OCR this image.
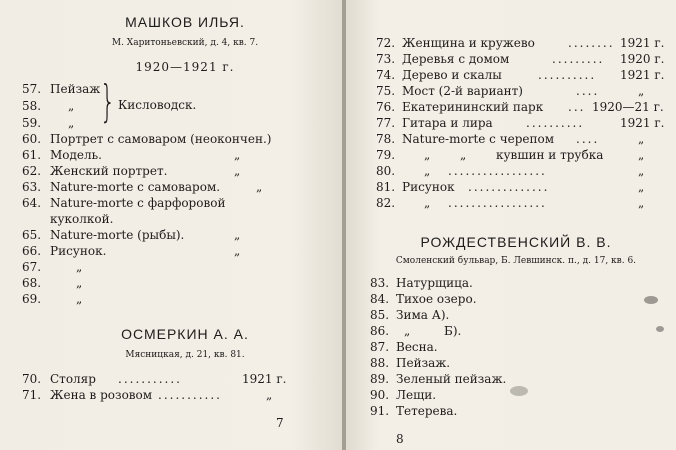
МАШКОВ ИЛЬЯ.
М. Харитоньевский, д. 4, кв. 7.
1920—1921 г.
57. Пейзаж
58. „
59. „ } Кисловодск.
60. Портрет с самоваром (неокончен.)
61. Модель.	„
62. Женский портрет.	„
63. Nature-morte с самоваром.	„
64. Nature-morte с фарфоровой
куколкой.
65. Nature-morte (рыбы).	„
66. Рисунок.	„
67.	„
68.	„
69.	„
ОСМЕРКИН А. А.
Мясницкая, д. 21, кв. 81.
70. Столяр ...........	1921 г.
71. Жена в розовом ...........	„
7
72. Женщина и кружево	........ 1921 г.
73. Деревья с домом	......... 1920 г.
74. Дерево и скалы	.......... 1921 г.
75. Мост (2-й вариант)	....	„
76. Екатерининский парк ... 1920—21 г.
77. Гитара и лира	..........	1921 г.
78. Nature-morte с черепом ....	„
79. „ „ кувшин и трубка	„
80. „ .................	„
81. Рисунок ..............	„
82. „ .................	„
РОЖДЕСТВЕНСКИЙ В. В.
Смоленский бульвар, Б. Левшинск. п., д. 17, кв. 6.
83. Натурщица.
84. Тихое озеро.
85. Зима А).
86. „	Б).
87. Весна.
88. Пейзаж.
89. Зеленый пейзаж.
90. Лещи.
91. Тетерева.
8
